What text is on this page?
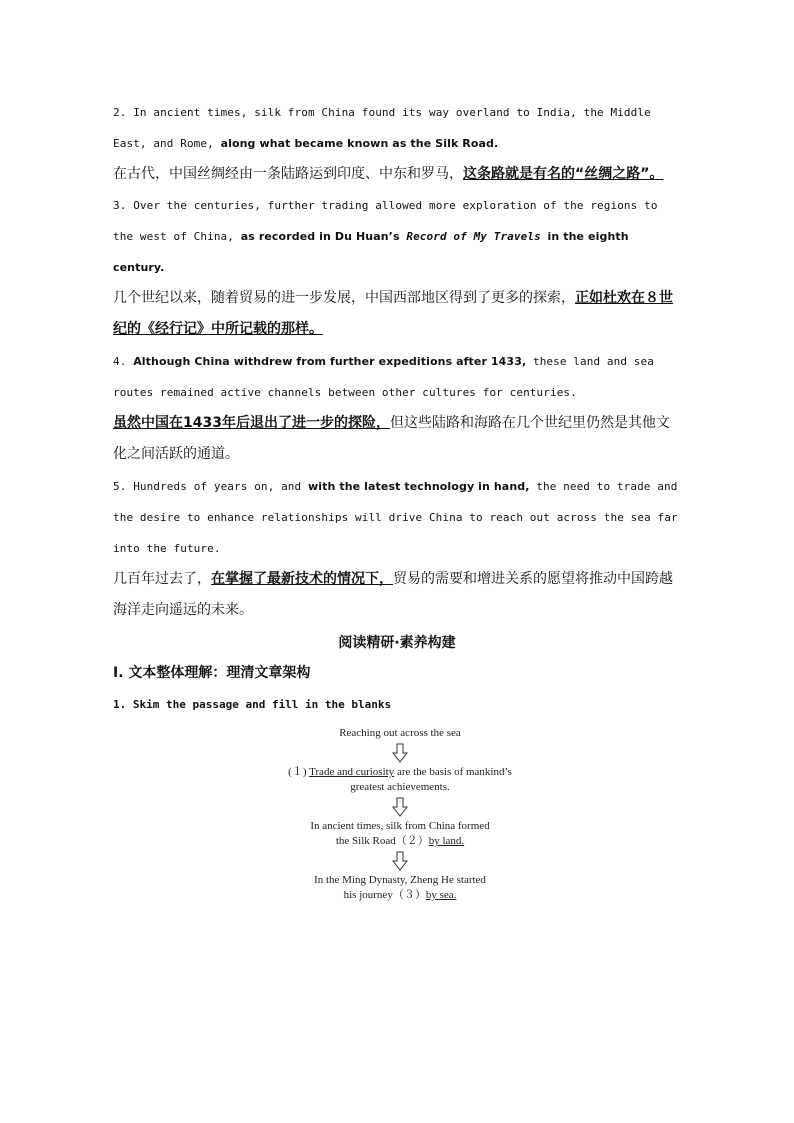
2. In ancient times, silk from China found its way overland to India, the Middle East, and Rome, along what became known as the Silk Road.
在古代，中国丝绸经由一条陆路运到印度、中东和罗马，这条路就是有名的“丝绸之路”。
3. Over the centuries, further trading allowed more exploration of the regions to the west of China, as recorded in Du Huan’s Record of My Travels in the eighth century.
几个世纪以来，随着贸易的进一步发展，中国西部地区得到了更多的探索，正如杜欢在８世纪的《经行记》中所记载的那样。
4. Although China withdrew from further expeditions after 1433, these land and sea routes remained active channels between other cultures for centuries.
虽然中国在1433年后退出了进一步的探险，但这些陆路和海路在几个世纪里仍然是其他文化之间活跃的通道。
5. Hundreds of years on, and with the latest technology in hand, the need to trade and the desire to enhance relationships will drive China to reach out across the sea far into the future.
几百年过去了，在掌握了最新技术的情况下，贸易的需要和增进关系的愿望将推动中国跨越海洋走向遥远的未来。
阅读精研·素养构建
Ⅰ. 文本整体理解：理清文章架构
1. Skim the passage and fill in the blanks
Reaching out across the sea
(１) Trade and curiosity are the basis of mankind’s
greatest achievements.
In ancient times, silk from China formed
the Silk Road（２）by land.
In the Ming Dynasty, Zheng He started
his journey（３）by sea.
